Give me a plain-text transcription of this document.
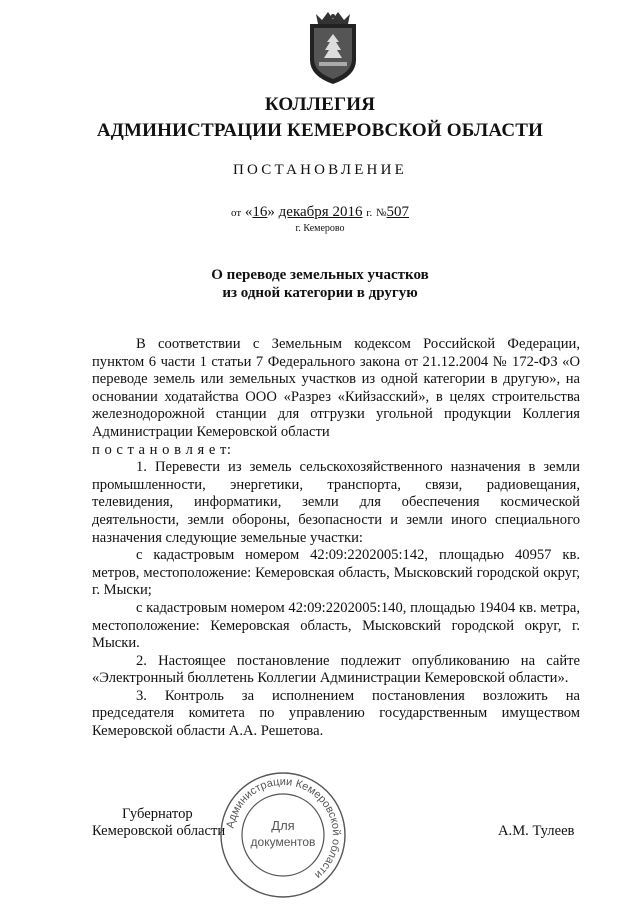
КОЛЛЕГИЯ
АДМИНИСТРАЦИИ КЕМЕРОВСКОЙ ОБЛАСТИ
ПОСТАНОВЛЕНИЕ
от «16» декабря 2016 г. №507
г. Кемерово
О переводе земельных участков
из одной категории в другую

В соответствии с Земельным кодексом Российской Федерации, пунктом 6 части 1 статьи 7 Федерального закона от 21.12.2004 № 172-ФЗ «О переводе земель или земельных участков из одной категории в другую», на основании ходатайства ООО «Разрез «Кийзасский», в целях строительства железнодорожной станции для отгрузки угольной продукции Коллегия Администрации Кемеровской области

п о с т а н о в л я е т:

1. Перевести из земель сельскохозяйственного назначения в земли промышленности, энергетики, транспорта, связи, радиовещания, телевидения, информатики, земли для обеспечения космической деятельности, земли обороны, безопасности и земли иного специального назначения следующие земельные участки:

с кадастровым номером 42:09:2202005:142, площадью 40957 кв. метров, местоположение: Кемеровская область, Мысковский городской округ, г. Мыски;

с кадастровым номером 42:09:2202005:140, площадью 19404 кв. метра, местоположение: Кемеровская область, Мысковский городской округ, г. Мыски.

2. Настоящее постановление подлежит опубликованию на сайте «Электронный бюллетень Коллегии Администрации Кемеровской области».

3. Контроль за исполнением постановления возложить на председателя комитета по управлению государственным имуществом Кемеровской области А.А. Решетова.

Губернатор
Кемеровской области	А.М. Тулеев
Администрации Кемеровской области
Для
документов
